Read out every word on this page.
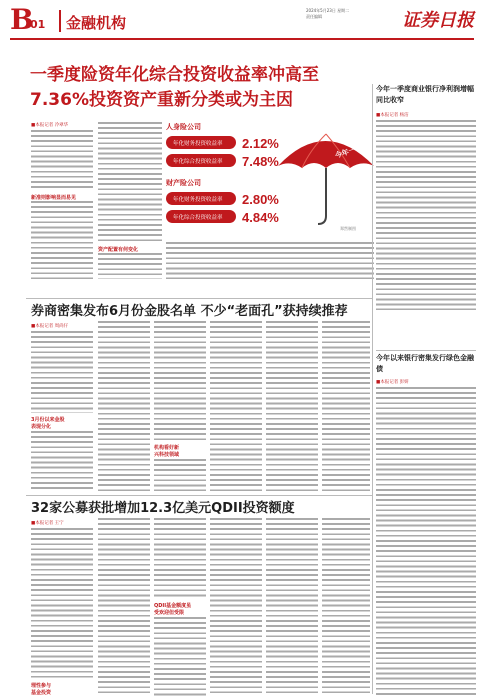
B
01 金融机构
2024年5月23日 星期二
责任编辑	证券日报
一季度险资年化综合投资收益率冲高至7.36%投资资产重新分类或为主因
■本报记者 冷翠华
新准则影响显而易见
资产配置有何变化
人身险公司
年化财务投资收益率 2.12%
年化综合投资收益率 7.48%
财产险公司
年化财务投资收益率 2.80%
年化综合投资收益率 4.84%
今年一季度
郑然制图
今年一季度商业银行净利润增幅同比收窄
■本报记者 杨洁
今年以来银行密集发行绿色金融债
■本报记者 彭妍
券商密集发布6月份金股名单 不少“老面孔”获持续推荐
■本报记者 周尚仔
3月份以来金股
表现分化
机构看好新
兴科技领域
32家公募获批增加12.3亿美元QDII投资额度
■本报记者 王宁
理性参与
基金投资
QDII基金额度虽
受欢迎但受限
